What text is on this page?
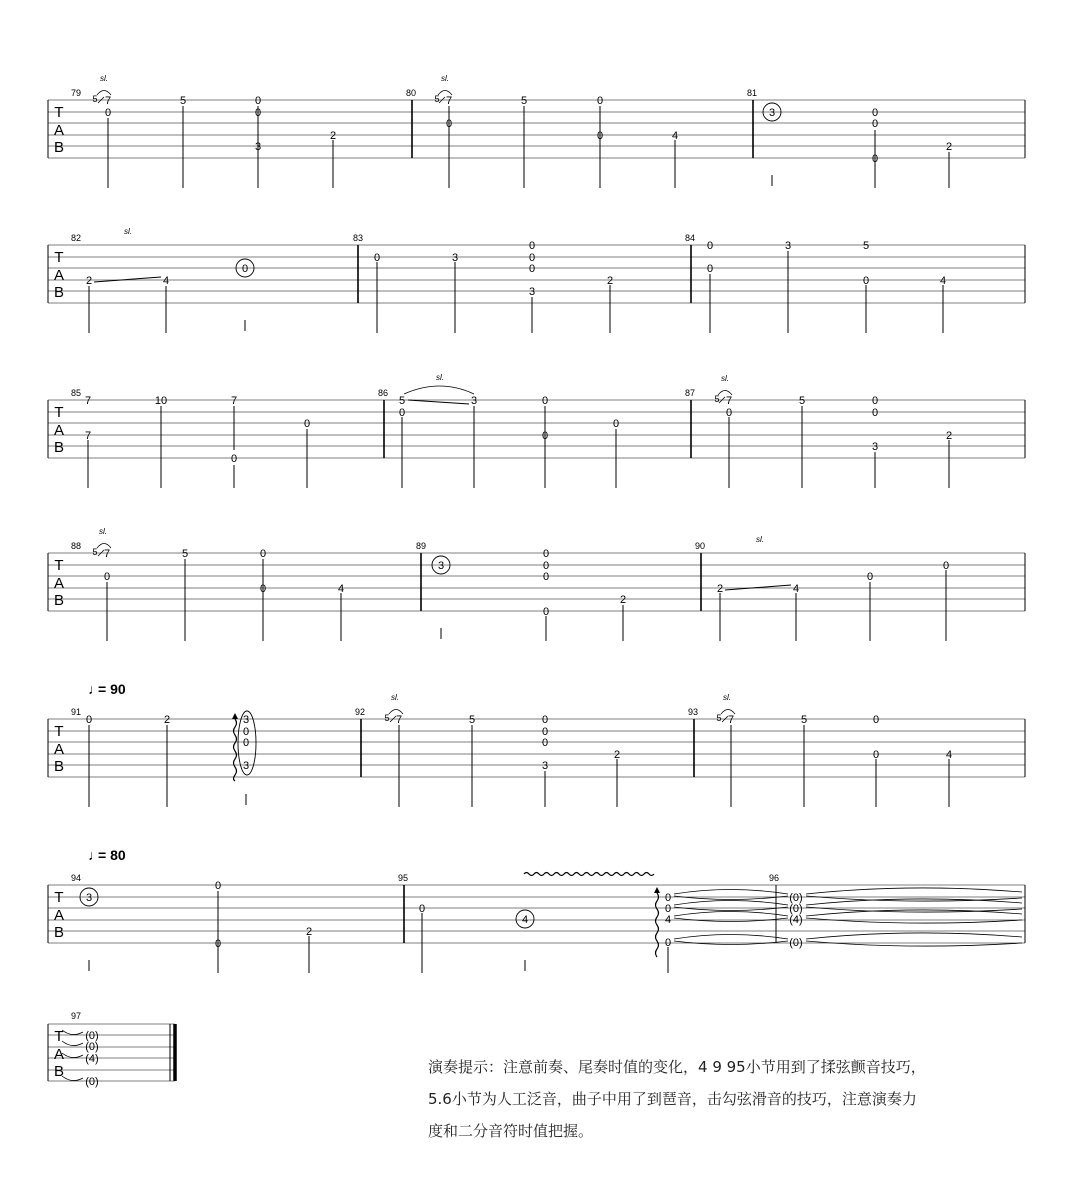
T
A
B
79	80	81
7
5
0
5	0
0
3
2
7
5
0
5	0
0	4
3	0
0
0
2
sl.	sl.
T
A
B
82	83	84
2	4
0
0	3
0
0
0
3
2
0
0
3	5
0	4
sl.
T
A
B
85	86	87
7
7
10	7
0
0
5
0
3	0
0
0
7
5
0
5	0
0
3
2
sl.	sl.
T
A
B
88	89	90
7
5
0
5	0
0	4
3
0
0
0
0
2
2	4
0
0
sl.
sl.
♩
= 90
T
A
B
91	92	93
0	2	3
0
0
3
7
5	5	0
0
0
3
2
7
5	5	0
0	4
sl.	sl.
♩
= 80
T
A
B
94	95	96
3
0
0
2
0
4
0
0
4
0
(0)
(0)
(4)
(0)
T
A
B
97
(0)
(0)
(4)
(0)

演奏提示：注意前奏、尾奏时值的变化，4 9 95小节用到了揉弦颤音技巧，

5.6小节为人工泛音，曲子中用了到琶音，击勾弦滑音的技巧，注意演奏力

度和二分音符时值把握。
